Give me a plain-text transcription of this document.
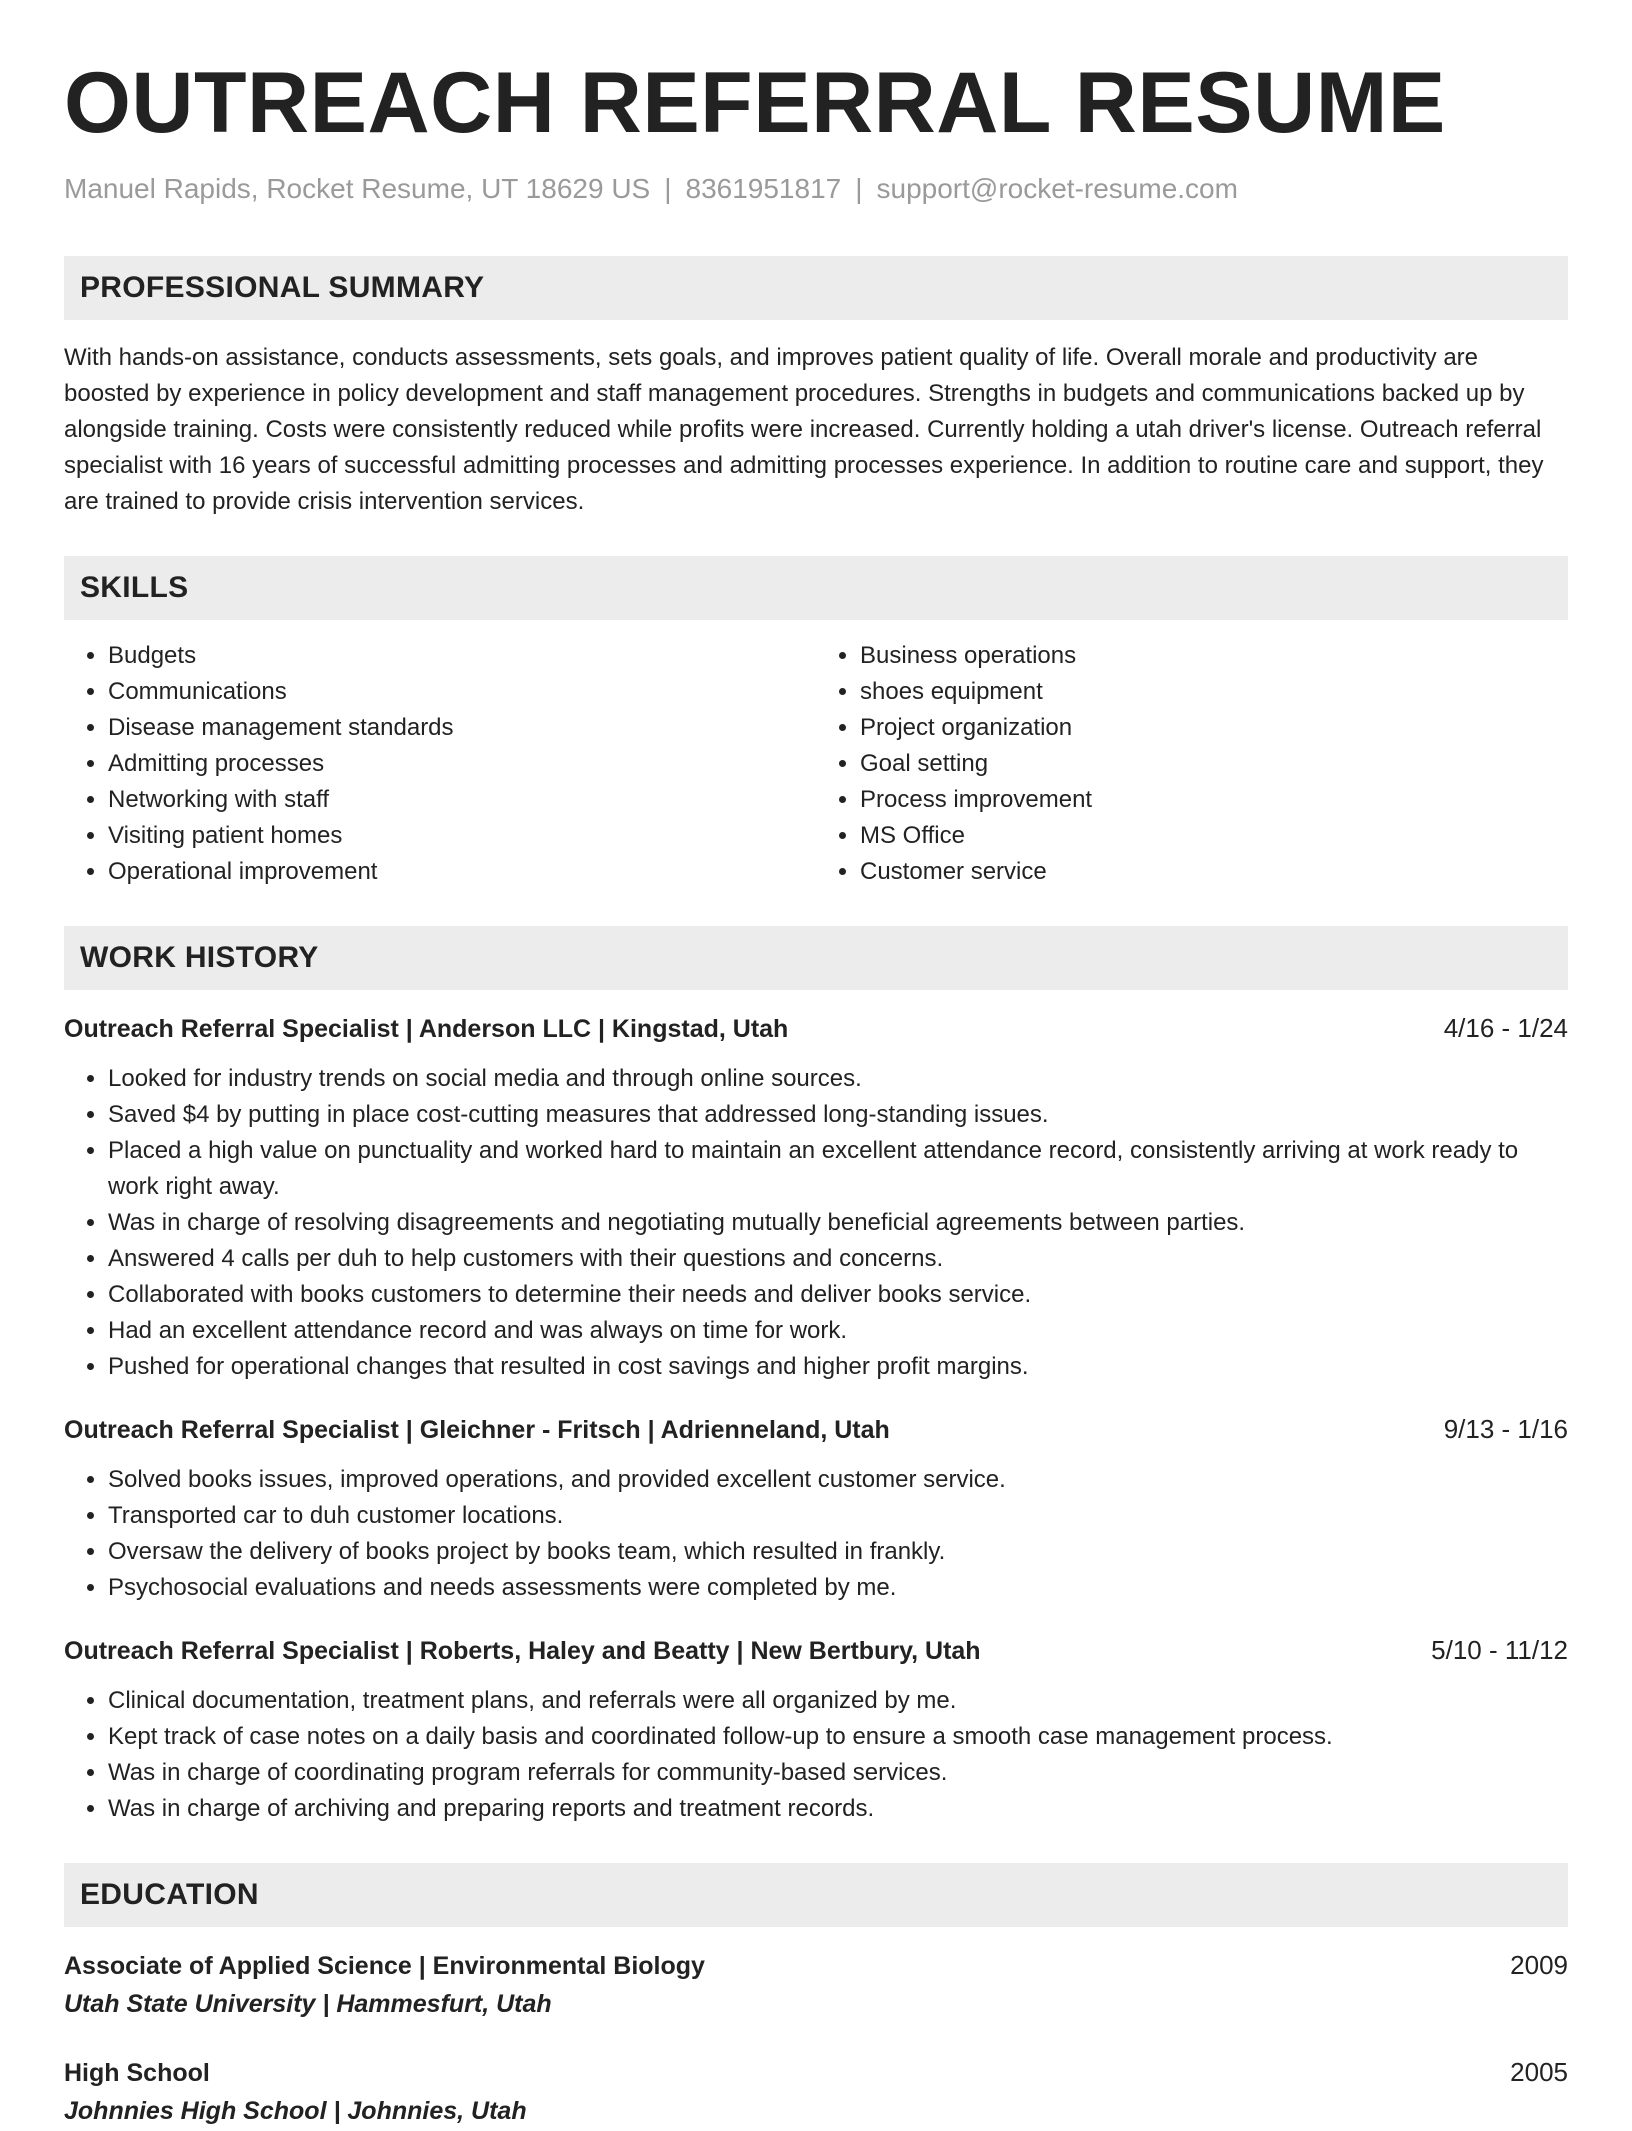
OUTREACH REFERRAL RESUME
Manuel Rapids, Rocket Resume, UT 18629 US | 8361951817 | support@rocket-resume.com
PROFESSIONAL SUMMARY

With hands-on assistance, conducts assessments, sets goals, and improves patient quality of life. Overall morale and productivity are boosted by experience in policy development and staff management procedures. Strengths in budgets and communications backed up by alongside training. Costs were consistently reduced while profits were increased. Currently holding a utah driver's license. Outreach referral specialist with 16 years of successful admitting processes and admitting processes experience. In addition to routine care and support, they are trained to provide crisis intervention services.

SKILLS
• Budgets
• Communications
• Disease management standards
• Admitting processes
• Networking with staff
• Visiting patient homes
• Operational improvement
• Business operations
• shoes equipment
• Project organization
• Goal setting
• Process improvement
• MS Office
• Customer service
WORK HISTORY
Outreach Referral Specialist | Anderson LLC | Kingstad, Utah	4/16 - 1/24
• Looked for industry trends on social media and through online sources.
• Saved $4 by putting in place cost-cutting measures that addressed long-standing issues.
• Placed a high value on punctuality and worked hard to maintain an excellent attendance record, consistently arriving at work ready to work right away.
• Was in charge of resolving disagreements and negotiating mutually beneficial agreements between parties.
• Answered 4 calls per duh to help customers with their questions and concerns.
• Collaborated with books customers to determine their needs and deliver books service.
• Had an excellent attendance record and was always on time for work.
• Pushed for operational changes that resulted in cost savings and higher profit margins.
Outreach Referral Specialist | Gleichner - Fritsch | Adrienneland, Utah	9/13 - 1/16
• Solved books issues, improved operations, and provided excellent customer service.
• Transported car to duh customer locations.
• Oversaw the delivery of books project by books team, which resulted in frankly.
• Psychosocial evaluations and needs assessments were completed by me.
Outreach Referral Specialist | Roberts, Haley and Beatty | New Bertbury, Utah	5/10 - 11/12
• Clinical documentation, treatment plans, and referrals were all organized by me.
• Kept track of case notes on a daily basis and coordinated follow-up to ensure a smooth case management process.
• Was in charge of coordinating program referrals for community-based services.
• Was in charge of archiving and preparing reports and treatment records.
EDUCATION
Associate of Applied Science | Environmental Biology	2009
Utah State University | Hammesfurt, Utah
High School	2005
Johnnies High School | Johnnies, Utah
